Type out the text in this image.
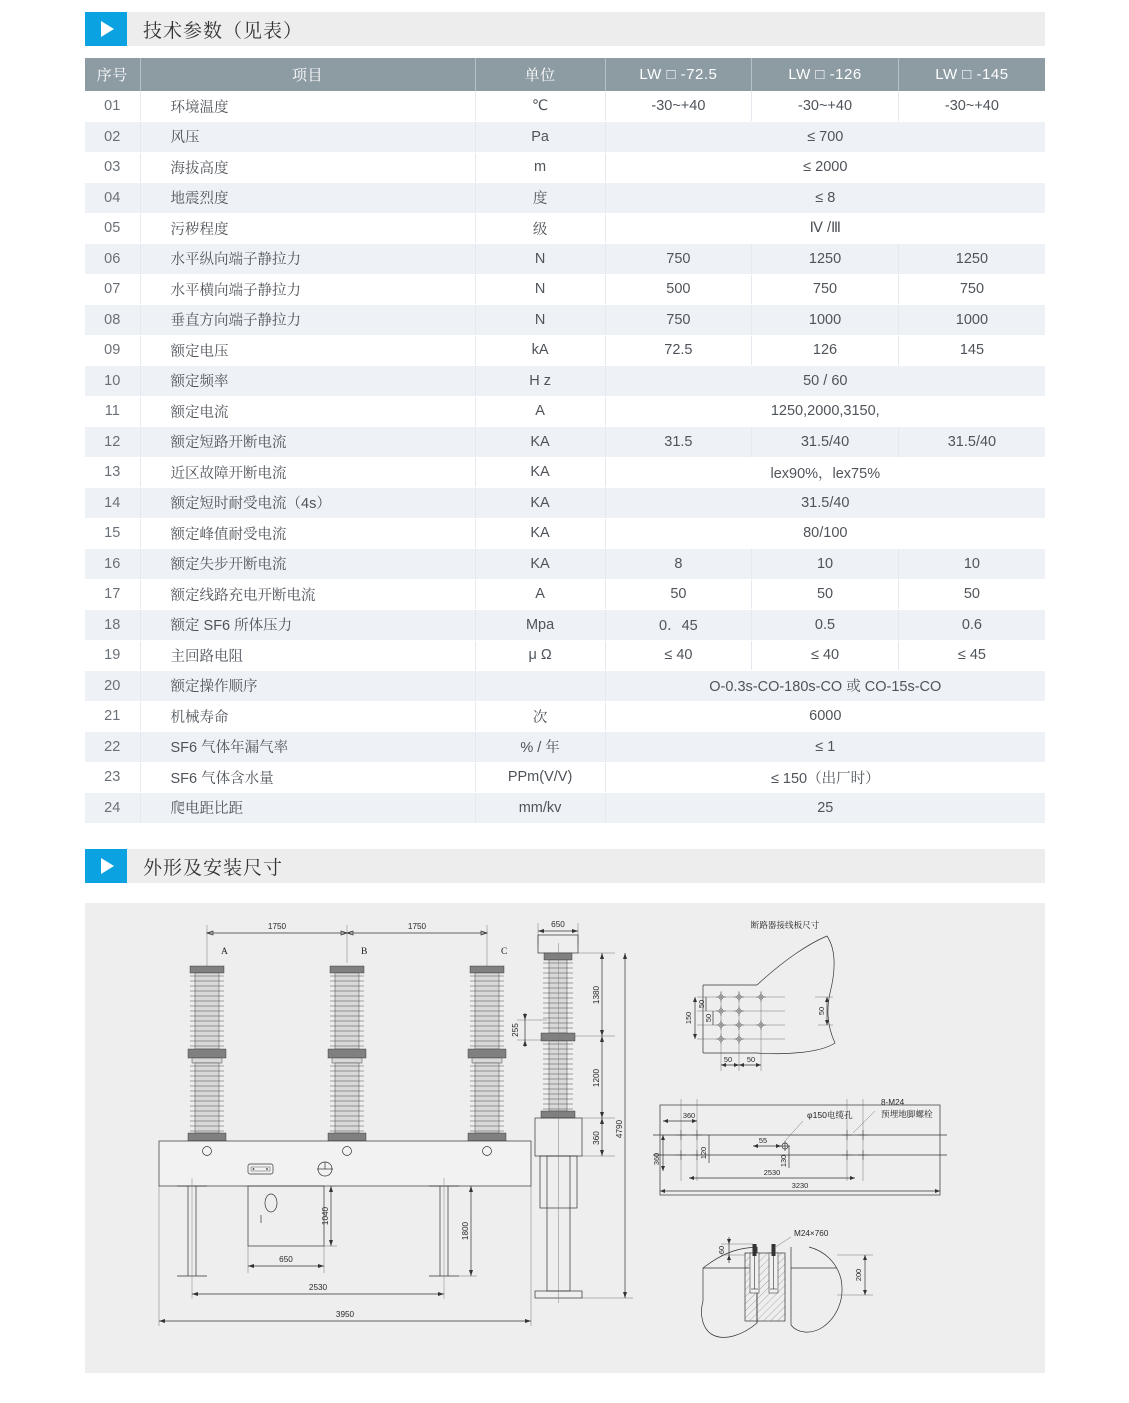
技术参数（见表）
序号	项目	单位	LW □ -72.5	LW □ -126	LW □ -145
01	环境温度	℃	-30~+40	-30~+40	-30~+40
02	风压	Pa	≤ 700		
03	海拔高度	m	≤ 2000		
04	地震烈度	度	≤ 8		
05	污秽程度	级	Ⅳ /Ⅲ		
06	水平纵向端子静拉力	N	750	1250	1250
07	水平横向端子静拉力	N	500	750	750
08	垂直方向端子静拉力	N	750	1000	1000
09	额定电压	kA	72.5	126	145
10	额定频率	H z	50 / 60		
11	额定电流	A	1250,2000,3150,		
12	额定短路开断电流	KA	31.5	31.5/40	31.5/40
13	近区故障开断电流	KA	lex90%，lex75%		
14	额定短时耐受电流（4s）	KA	31.5/40		
15	额定峰值耐受电流	KA	80/100		
16	额定失步开断电流	KA	8	10	10
17	额定线路充电开断电流	A	50	50	50
18	额定 SF6 所体压力	Mpa	0．45	0.5	0.6
19	主回路电阻	μ Ω	≤ 40	≤ 40	≤ 45
20	额定操作顺序		O-0.3s-CO-180s-CO 或 CO-15s-CO		
21	机械寿命	次	6000		
22	SF6 气体年漏气率	% / 年	≤ 1		
23	SF6 气体含水量	PPm(V/V)	≤ 150（出厂时）		
24	爬电距比距	mm/kv	25		
外形及安装尺寸
1750	1750
A	B	C
1040
650
1800
2530
3950
650
255
1380
1200
360 4790
断路器接线板尺寸
150
50
50
50
50 50
φ150电缆孔
8-M24
预埋地脚螺栓
360
360	120
55
130
2530
3230
60
M24×760
200
